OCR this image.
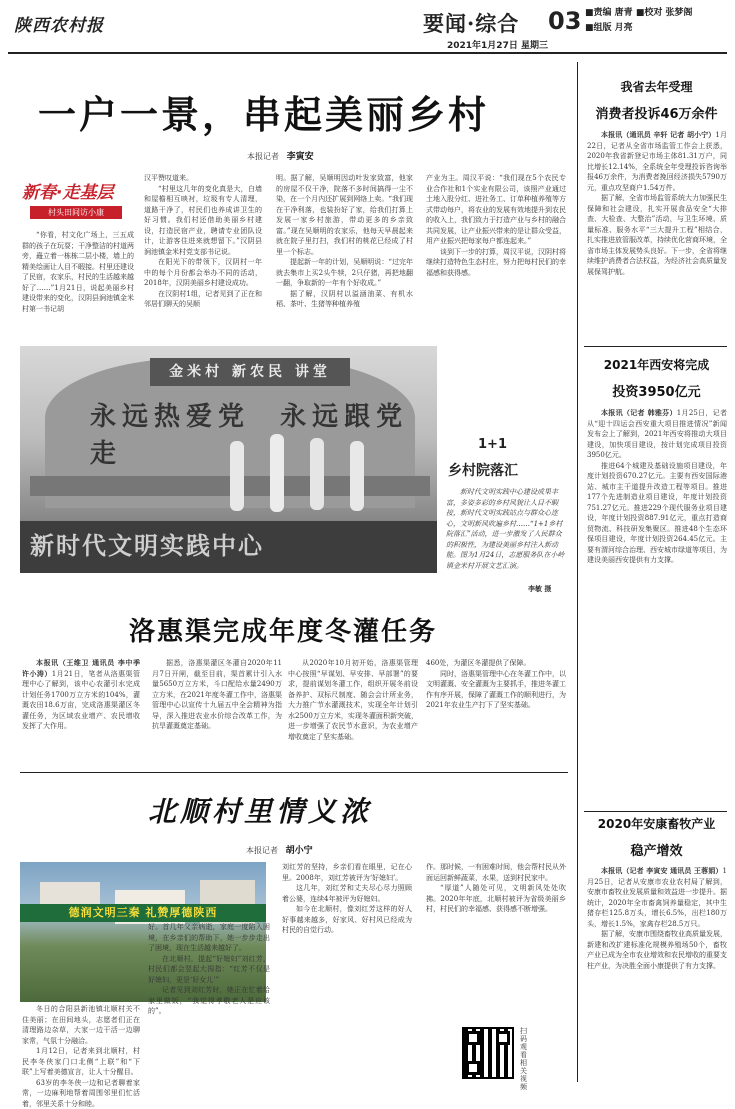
陕西农村报	要闻·综合 03
2021年1月27日 星期三
■责编 唐青 ■校对 张梦阁
■组版 月亮
一户一景，串起美丽乡村
本报记者 李寅安
新春·走基层
村头田间访小康
“你看，村文化广场上，三五成群的孩子在玩耍；干净整洁的村道两旁，矗立着一栋栋二层小楼，墙上的精美绘画让人目不暇接。村里还建设了民宿，农家乐，村民的生活越来越好了……”1月21日，说起美丽乡村建设带来的变化，汉阴县涧池镇金米村第一书记胡

汉平赞叹道来。

“村里这几年的变化真是大，白墙和屋檐相互映衬，垃圾有专人清理，道路干净了，村民们也养成讲卫生的好习惯。我们村还借助美丽乡村建设，打造民宿产业，聘请专业团队设计，让游客住进来就想留下。”汉阴县涧池镇金米村党支部书记说。

在阳光下的带领下，汉阴村一年中的每个月份都会举办不同的活动，2018年，汉阴美丽乡村建设成功。

在汉阴村1组，记者见到了正在和邻居们聊天的吴顺

明。据了解，吴顺明因动叶发家致富，他家的房屋不仅干净，院落不多时间搞得一尘不染，在一个月内还扩展到网络上卖。“我们现在干净利落，也装扮好了家，给我们打算上发展一家乡村旅游，带动更多的乡亲致富。”现在吴顺明的农家乐，他每天早晨起来就在院子里打扫，我们村的桃花已经成了村里一个标志。

提起新一年的计划，吴顺明说：“过完年就去集市上买2头牛犊，2只仔猪，再把地翻一翻，争取新的一年有个好收成。”

据了解，汉阴村以溢涵油菜、有机水稻、茶叶、生猪等种植养殖

产业为主。周汉平说：“我们现在5个农民专业合作社和1个实业有限公司，该照产业通过土地入股分红、进社务工、订单种植养殖等方式带动每户，将农业的发展有效地提升到农民的收入上，我们致力于打造产业与乡村的融合共同发展，让产业振兴带来的是让群众受益，用产业振兴把每家每户都连起来。”

谈到下一步的打算，周汉平说，汉阴村将继续打造特色生态村庄，努力把每村民们的幸福感和获得感。

金米村 新农民 讲堂
永远热爱党 永远跟党走
新时代文明实践中心
1+1
乡村院落汇
新时代文明实践中心建设成果丰富，多姿多彩的乡村风貌让人目不暇接，新时代文明实践站点与群众心连心，文明新风吹遍乡村……“1+1乡村院落汇”活动，进一步激发了人民群众的积极性，为建设美丽乡村注入新动能。图为1月24日，志愿服务队在小岭镇金米村开展文艺汇演。
李敏 摄
洛惠渠完成年度冬灌任务
本报讯（王维卫 通讯员 李中季 许小涛）1月21日，笔者从洛惠渠管理中心了解到，该中心农灌引水完成计划任务1700万立方米的104%，灌溉农田18.6万亩，完成洛惠渠灌区冬灌任务，为区域农业增产、农民增收发挥了大作用。
据悉，洛惠渠灌区冬灌自2020年11月7日开闸，截至目前，渠首累计引入水量5650万立方米，斗口配给水量2490万立方米，在2021年度冬灌工作中，洛惠渠管理中心以宣传十九届五中全会精神为指导，深入推进农业水价综合改革工作，为抗旱灌溉奠定基础。
从2020年10月初开始，洛惠渠管理中心按照“早谋划、早安排、早部署”的要求，提前谋划冬灌工作，组织开展冬前设备养护、双标尺制度、随会会计所业务，大力推广节水灌溉技术，实现全年计划引水2500万立方米，实现冬灌面积新突破，进一步增强了农民节水意识，为农业增产增收奠定了坚实基础。

460处，为灌区冬灌提供了保障。

同时，洛惠渠管理中心在冬灌工作中，以文明灌溉、安全灌溉为主要抓手，推进冬灌工作有序开展，保障了灌溉工作的顺利进行，为2021年农业生产打下了坚实基础。

北顺村里情义浓
本报记者 胡小宁
德润文明三秦 礼赞厚德陕西

冬日的合阳县新池镇北顺村关不住美丽；在田间地头，志愿者们正在清理路边杂草，大家一边干活一边聊家常，气氛十分融洽。

1月12日，记者来到北顺村，村民李冬侠家门口北侧“上联”和“下联”上写着美德宣言，让人十分醒目。

63岁的李冬侠一边和记者聊着家常，一边麻利地帮着周围邻里们忙活着，邻里关系十分和睦。

好。首几年父亲病逝，家庭一度陷入困境，在乡亲们的帮助下，她一步步走出了困境，现在生活越来越好了。

在北顺村，提起“好媳妇”刘红芳，村民们都会竖起大拇指：“红芳不仅是好媳妇，更是‘好女儿’”

记者见到刘红芳时，她正在忙着给家里做饭，“我觉得孝敬老人是应该的”。

刘红芳的坚持，乡亲们看在眼里，记在心里。2008年，刘红芳被评为‘好媳妇’。

这几年，刘红芳和丈夫尽心尽力照顾着公婆，连续4年被评为好媳妇。

如今在北顺村，像刘红芳这样的好人好事越来越多，好家风、好村风已经成为村民的自觉行动。

作。那时候，一有困难时间，他会帮村民从外面运回新鲜蔬菜，水果，送到村民家中。

“厚道”人随处可见，文明新风处处吹拂。2020年年底，北顺村被评为省级美丽乡村，村民们的幸福感、获得感不断增强。

扫码观看相关视频
我省去年受理
消费者投诉46万余件

本报讯（通讯员 辛轩 记者 胡小宁）1月22日，记者从全省市场监管工作会上获悉，2020年我省新登记市场主体81.31万户，同比增长12.14%，全系统全年受理投诉咨询举报46万余件，为消费者挽回经济损失5790万元，重点攻坚商户1.54万件。

据了解，全省市场监管系统大力加强民生保障和社会建设，扎实开展食品安全“大排查、大检查、大整治”活动，与卫生环境、质量标准、服务水平“三大提升工程”相结合，扎实推进放管服改革，持续优化营商环境，全省市场主体发展势头良好。下一步，全省将继续维护消费者合法权益，为经济社会高质量发展保驾护航。

2021年西安将完成
投资3950亿元

本报讯（记者 韩雅芬）1月25日，记者从“迎十四运会西安重大项目推进情况”新闻发布会上了解到，2021年西安将推动大项目建设，加快项目建设，按计划完成项目投资3950亿元。

推进64个城建及基础设施项目建设，年度计划投资670.27亿元。主要有西安国际港站、城市主干道提升改造工程等项目。推进177个先进制造业项目建设，年度计划投资751.27亿元。推进229个现代服务业项目建设，年度计划投资887.91亿元，重点打造商贸物流、科技研发集聚区。推进48个生态环保项目建设，年度计划投资264.45亿元。主要有渭河综合治理、西安城市绿道等项目，为建设美丽西安提供有力支撑。

2020年安康畜牧产业
稳产增效

本报讯（记者 李寅安 通讯员 王蓉娟）1月25日，记者从安康市农业农村局了解到，安康市畜牧业发展质量和效益进一步提升。据统计，2020年全市畜禽饲养量稳定，其中生猪存栏125.8万头，增长6.5%，出栏180万头，增长1.5%，家禽存栏28.5万只。

据了解，安康市围绕畜牧业高质量发展，新建和改扩建标准化规模养殖场50个，畜牧产业已成为全市农业增效和农民增收的重要支柱产业，为决胜全面小康提供了有力支撑。
